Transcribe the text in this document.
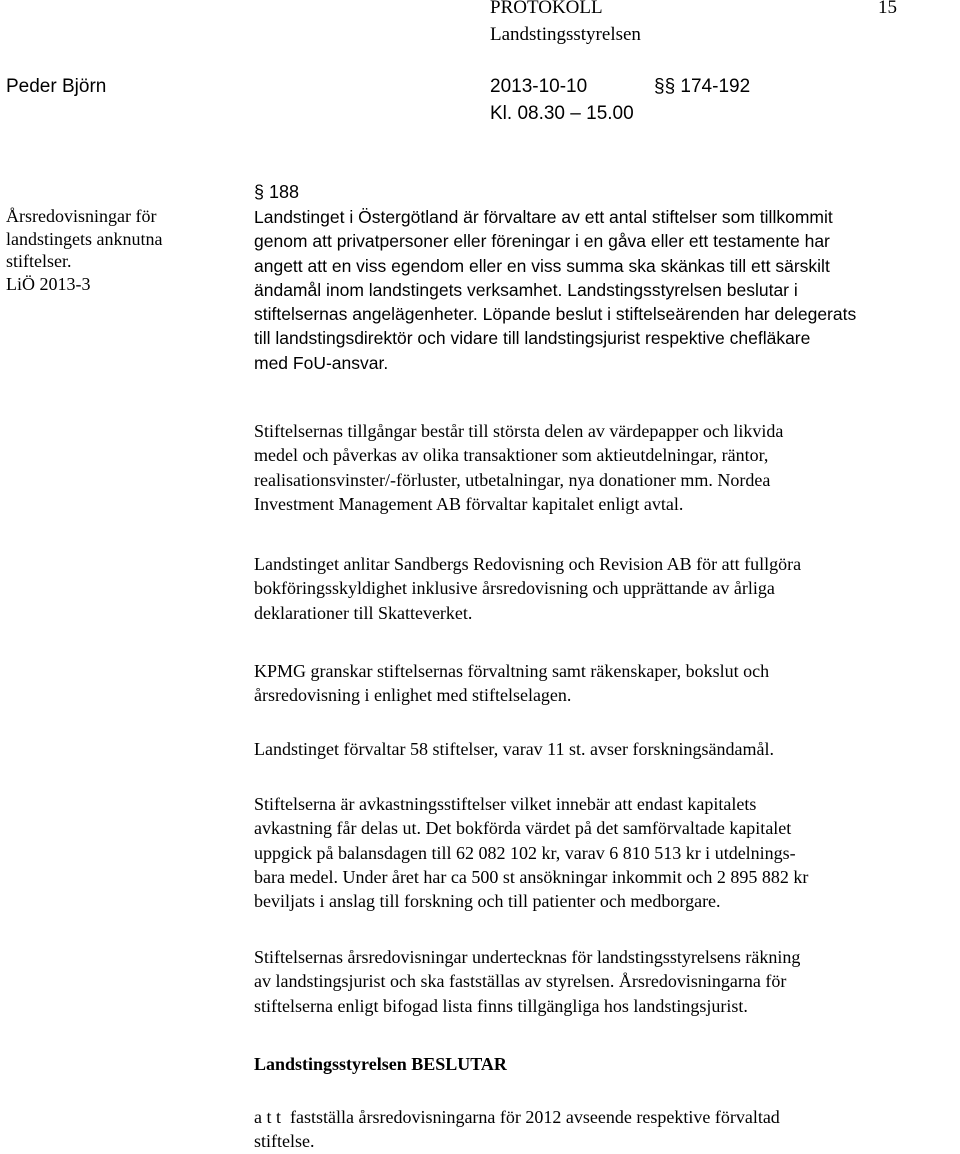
PROTOKOLL	15
Landstingsstyrelsen
Peder Björn	2013-10-10	§§ 174-192
Kl. 08.30 – 15.00
Årsredovisningar för
landstingets anknutna
stiftelser.
LiÖ 2013-3
§ 188
Landstinget i Östergötland är förvaltare av ett antal stiftelser som tillkommit
genom att privatpersoner eller föreningar i en gåva eller ett testamente har
angett att en viss egendom eller en viss summa ska skänkas till ett särskilt
ändamål inom landstingets verksamhet. Landstingsstyrelsen beslutar i
stiftelsernas angelägenheter. Löpande beslut i stiftelseärenden har delegerats
till landstingsdirektör och vidare till landstingsjurist respektive chefläkare
med FoU-ansvar.
Stiftelsernas tillgångar består till största delen av värdepapper och likvida
medel och påverkas av olika transaktioner som aktieutdelningar, räntor,
realisationsvinster/-förluster, utbetalningar, nya donationer mm. Nordea
Investment Management AB förvaltar kapitalet enligt avtal.
Landstinget anlitar Sandbergs Redovisning och Revision AB för att fullgöra
bokföringsskyldighet inklusive årsredovisning och upprättande av årliga
deklarationer till Skatteverket.
KPMG granskar stiftelsernas förvaltning samt räkenskaper, bokslut och
årsredovisning i enlighet med stiftelselagen.
Landstinget förvaltar 58 stiftelser, varav 11 st. avser forskningsändamål.
Stiftelserna är avkastningsstiftelser vilket innebär att endast kapitalets
avkastning får delas ut. Det bokförda värdet på det samförvaltade kapitalet
uppgick på balansdagen till 62 082 102 kr, varav 6 810 513 kr i utdelnings-
bara medel. Under året har ca 500 st ansökningar inkommit och 2 895 882 kr
beviljats i anslag till forskning och till patienter och medborgare.
Stiftelsernas årsredovisningar undertecknas för landstingsstyrelsens räkning
av landstingsjurist och ska fastställas av styrelsen. Årsredovisningarna för
stiftelserna enligt bifogad lista finns tillgängliga hos landstingsjurist.
Landstingsstyrelsen BESLUTAR
a t t  fastställa årsredovisningarna för 2012 avseende respektive förvaltad
stiftelse.
